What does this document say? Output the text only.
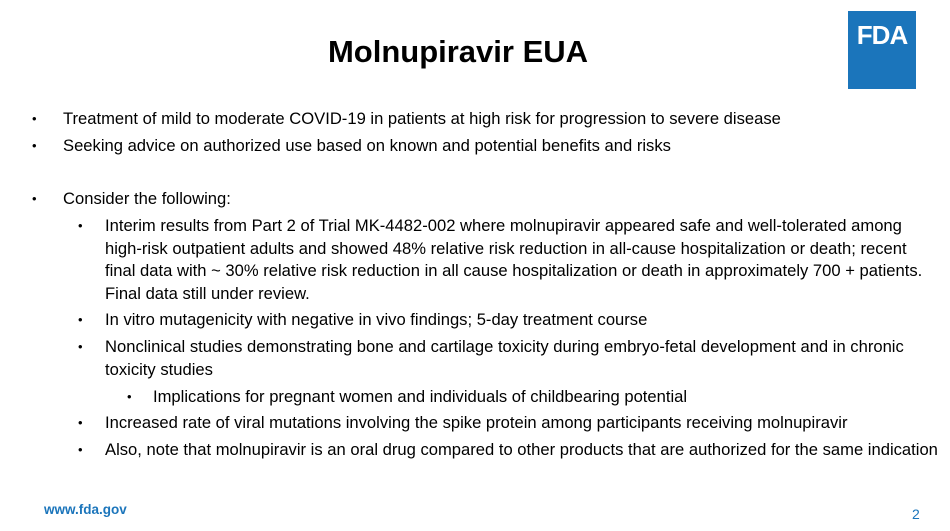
Molnupiravir EUA	FDA
• Treatment of mild to moderate COVID-19 in patients at high risk for progression to severe disease
• Seeking advice on authorized use based on known and potential benefits and risks
• Consider the following:
• Interim results from Part 2 of Trial MK-4482-002 where molnupiravir appeared safe and well-tolerated among high-risk outpatient adults and showed 48% relative risk reduction in all-cause hospitalization or death; recent final data with ~ 30% relative risk reduction in all cause hospitalization or death in approximately 700 + patients. Final data still under review.
• In vitro mutagenicity with negative in vivo findings; 5-day treatment course
• Nonclinical studies demonstrating bone and cartilage toxicity during embryo-fetal development and in chronic toxicity studies
• Implications for pregnant women and individuals of childbearing potential
• Increased rate of viral mutations involving the spike protein among participants receiving molnupiravir
• Also, note that molnupiravir is an oral drug compared to other products that are authorized for the same indication
www.fda.gov	2
